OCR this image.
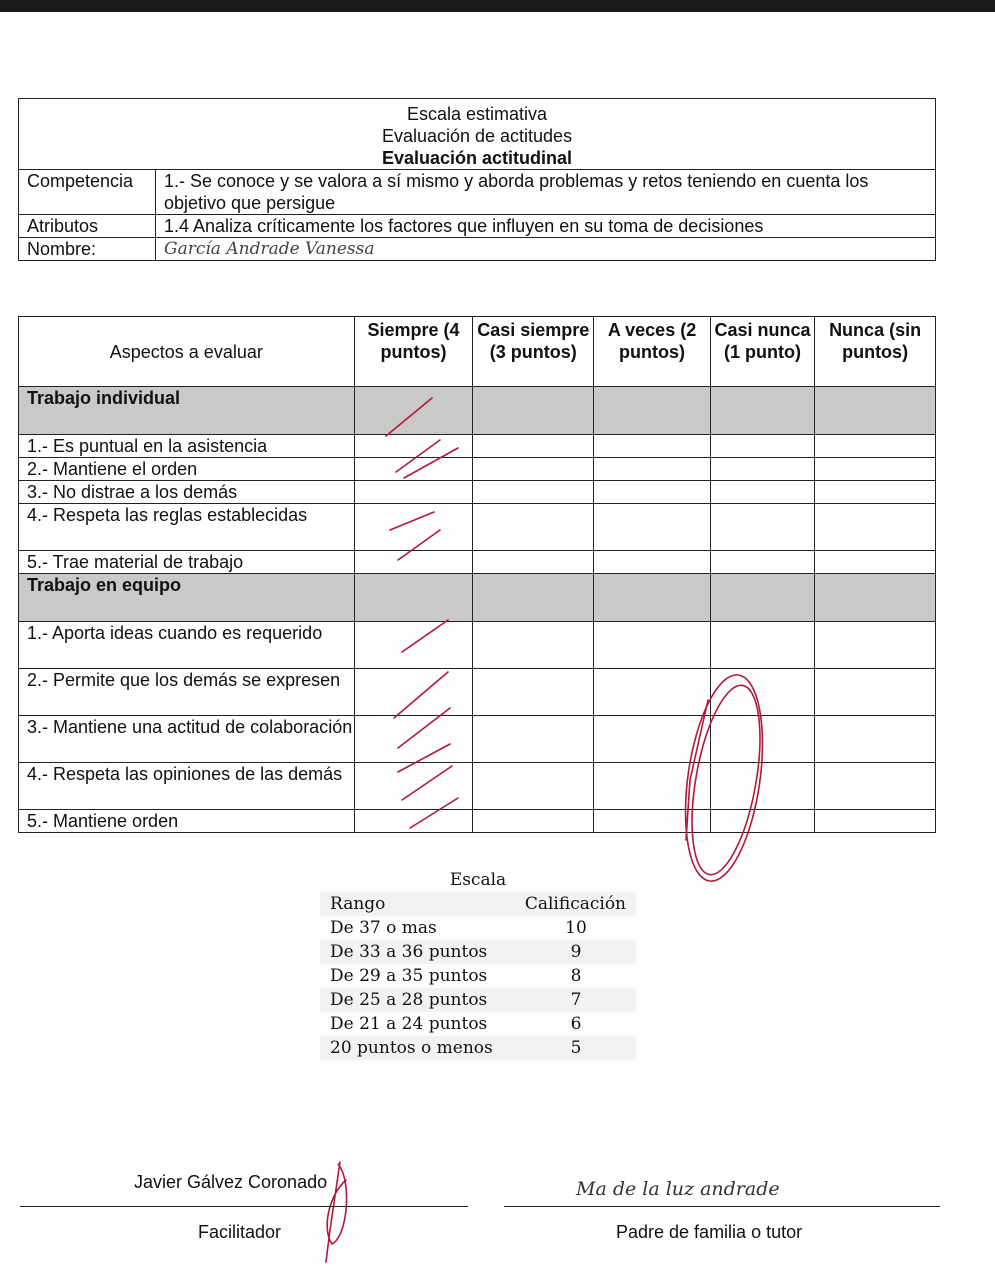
Escala estimativa
Evaluación de actitudes
Evaluación actitudinal	

Competencia	1.- Se conoce y se valora a sí mismo y aborda problemas y retos teniendo en cuenta los objetivo que persigue
Atributos	1.4 Analiza críticamente los factores que influyen en su toma de decisiones
Nombre:	García Andrade Vanessa
Aspectos a evaluar	Siempre (4 puntos)	Casi siempre (3 puntos)	A veces (2 puntos)	Casi nunca (1 punto)	Nunca (sin puntos)
Trabajo individual					
1.- Es puntual en la asistencia					
2.- Mantiene el orden					
3.- No distrae a los demás					
4.- Respeta las reglas establecidas					
5.- Trae material de trabajo					
Trabajo en equipo					
1.- Aporta ideas cuando es requerido					
2.- Permite que los demás se expresen					
3.- Mantiene una actitud de colaboración					
4.- Respeta las opiniones de las demás					
5.- Mantiene orden					
Escala
Rango	Calificación
De 37 o mas	10
De 33 a 36 puntos	9
De 29 a 35 puntos	8
De 25 a 28 puntos	7
De 21 a 24 puntos	6
20 puntos o menos	5
Javier Gálvez Coronado
Facilitador
Ma de la luz andrade
Padre de familia o tutor
